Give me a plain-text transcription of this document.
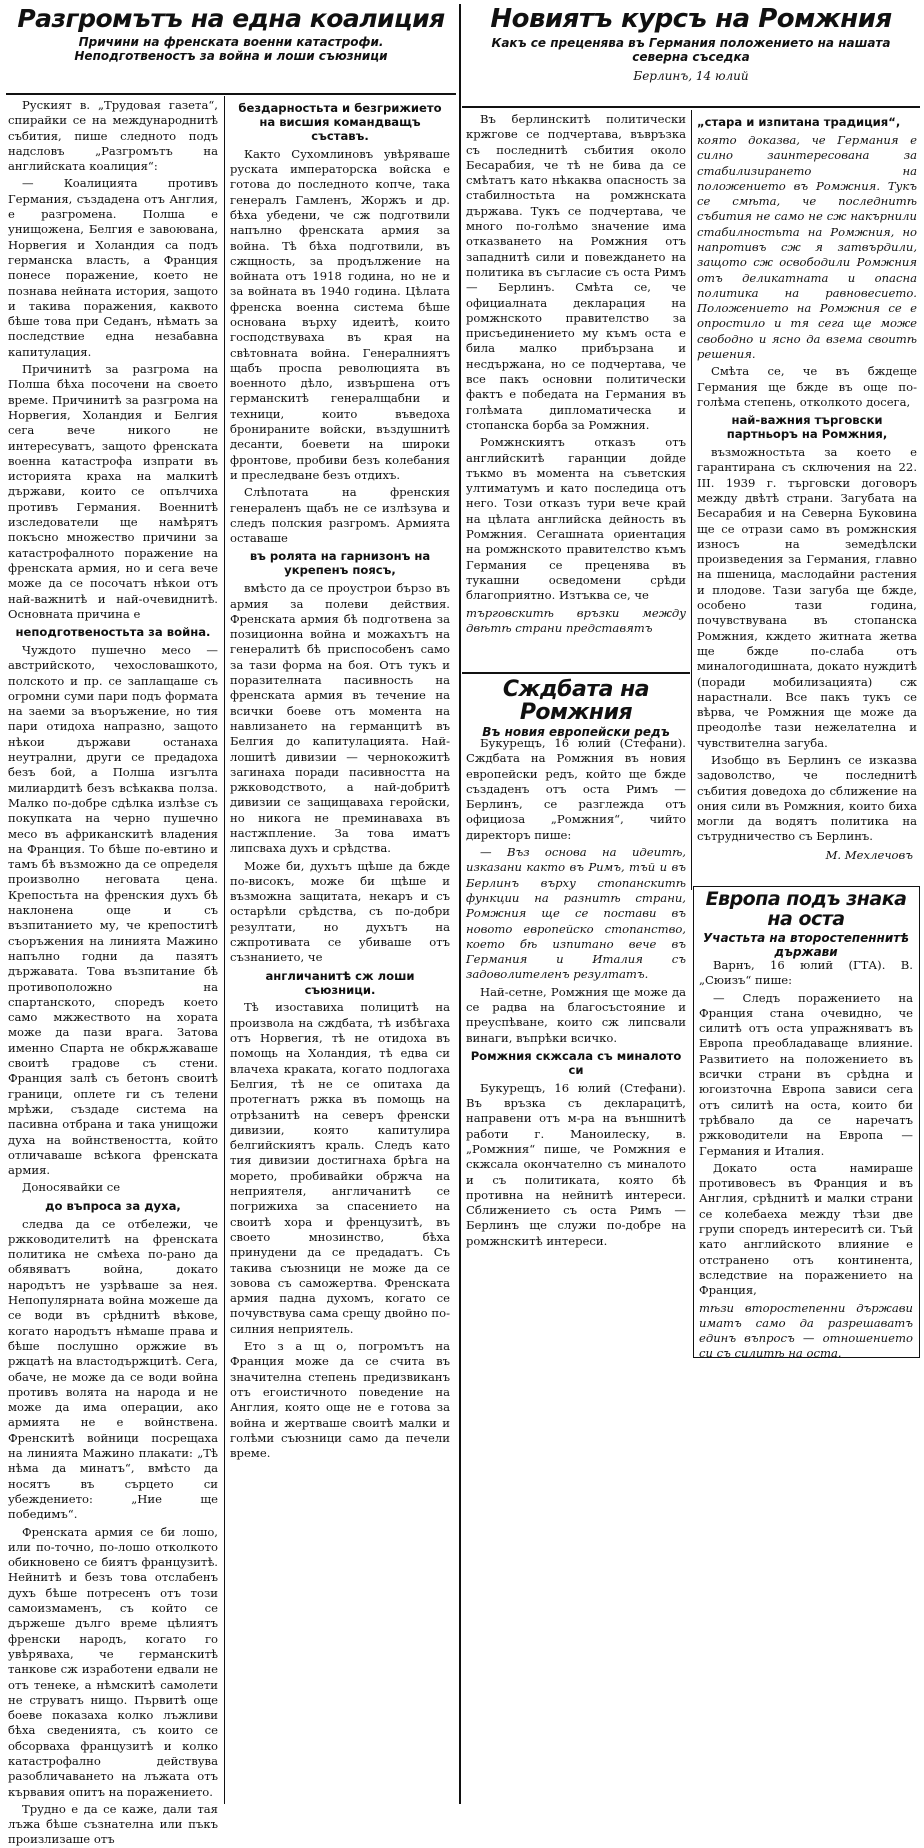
Разгромътъ на една коалиция
Причини на френската военни катастрофи. Неподготвеностъ за война и лоши съюзници

Руският в. „Трудовая газета“, спирайки се на международнитѣ събития, пише следното подъ надсловъ „Разгромътъ на английската коалиция“:

— Коалицията противъ Германия, създадена отъ Англия, е разгромена. Полша е унищожена, Белгия е завоювана, Норвегия и Холандия са подъ германска власть, а Франция понесе поражение, което не познава нейната история, защото и такива поражения, каквото бѣше това при Седанъ, нѣмать за последствие една незабавна капитулация.

Причинитѣ за разгрома на Полша бѣха посочени на своето време. Причинитѣ за разгрома на Норвегия, Холандия и Белгия сега вече никого не интересуватъ, защото френската военна катастрофа изпрати въ историята краха на малкитѣ държави, които се опълчиха противъ Германия. Военнитѣ изследователи ще намѣрятъ покъсно множество причини за катастрофалното поражение на френската армия, но и сега вече може да се посочатъ нѣкои отъ най-важнитѣ и най-очевиднитѣ. Основната причина е

неподготвеностьта за война.

Чуждото пушечно месо — австрийското, чехословашкото, полското и пр. се заплащаше съ огромни суми пари подъ формата на заеми за въоръжение, но тия пари отидоха напразно, защото нѣкои държави останаха неутрални, други се предадоха безъ бой, а Полша изгълта милиардитѣ безъ всѣкаква полза. Малко по-добре сдѣлка излѣзе съ покупката на черно пушечно месо въ африканскитѣ владения на Франция. То бѣше по-евтино и тамъ бѣ възможно да се определя произволно неговата цена. Крепостьта на френския духъ бѣ наклонена още и съ възпитанието му, че крепоститѣ съоръжения на линията Мажино напълно годни да пазятъ държавата. Това възпитание бѣ противоположно на спартанското, споредъ което само мжжеството на хората може да пази врага. Затова именно Спарта не обкрѫжаваше своитѣ градове съ стени. Франция залѣ съ бетонъ своитѣ граници, оплете ги съ телени мрѣжи, създаде система на пасивна отбрана и така унищожи духа на войнствеността, който отличаваше всѣкога френската армия.

Доносявайки се

до въпроса за духа,

следва да се отбележи, че ржководителитѣ на френската политика не смѣеха по-рано да обявяватъ война, докато народътъ не узрѣваше за нея. Непопулярната война можеше да се води въ срѣднитѣ вѣкове, когато народътъ нѣмаше права и бѣше послушно оржжие въ ржцатѣ на властодържцитѣ. Сега, обаче, не може да се води война противъ волята на народа и не може да има операции, ако армията не е войнствена. Френскитѣ войници посрещаха на линията Мажино плакати: „Тѣ нѣма да минатъ“, вмѣсто да носятъ въ сърцето си убеждението: „Ние ще победимъ“.

Френската армия се би лошо, или по-точно, по-лошо отколкото обикновено се биятъ французитѣ. Нейнитѣ и безъ това отслабенъ духъ бѣше потресенъ отъ този самоизмаменъ, съ който се държеше дълго време цѣлиятъ френски народъ, когато го увѣряваха, че германскитѣ танкове сж изработени едвали не отъ тенеке, а нѣмскитѣ самолети не струватъ нищо. Първитѣ още боеве показаха колко лъжливи бѣха сведенията, съ които се обсорваха французитѣ и колко катастрофално действува разобличаването на лъжата отъ кървавия опитъ на поражението.

Трудно е да се каже, дали тая лъжа бѣше съзнателна или пъкъ произлизаше отъ

бездарностьта и безгрижието на висшия командващъ съставъ.

Както Сухомлиновъ увѣряваше руската императорска войска е готова до последното копче, така генералъ Гамленъ, Жоржъ и др. бѣха убедени, че сж подготвили напълно френската армия за война. Тѣ бѣха подготвили, въ сжщность, за продължение на войната отъ 1918 година, но не и за войната въ 1940 година. Цѣлата френска военна система бѣше основана върху идеитѣ, които господствуваха въ края на свѣтовната война. Генералниятъ щабъ проспа революцията въ военното дѣло, извършена отъ германскитѣ генералщабни и техници, които въведоха бронираните войски, въздушнитѣ десанти, боевети на широки фронтове, пробиви безъ колебания и преследване безъ отдихъ.

Слѣпотата на френския генераленъ щабъ не се излѣзува и следъ полския разгромъ. Армията оставаше

въ ролята на гарнизонъ на укрепенъ поясъ,

вмѣсто да се проустрои бързо въ армия за полеви действия. Френската армия бѣ подготвена за позиционна война и можахътъ на генералитѣ бѣ приспособенъ само за тази форма на боя. Отъ тукъ и поразителната пасивность на френската армия въ течение на всички боеве отъ момента на навлизането на германцитѣ въ Белгия до капитулацията. Най-лошитѣ дивизии — чернокожитѣ загинаха поради пасивността на ржководството, а най-добритѣ дивизии се защищаваха геройски, но никога не преминаваха въ настжпление. За това иматъ липсваха духъ и срѣдства.

Може би, духътъ щѣше да бжде по-високъ, може би щѣше и възможна защитата, некаръ и съ остарѣли срѣдства, съ по-добри резултати, но духътъ на сжпротивата се убиваше отъ съзнанието, че

англичанитѣ сж лоши съюзници.

Тѣ изоставиха полицитѣ на произвола на сждбата, тѣ избѣгаха отъ Норвегия, тѣ не отидоха въ помощь на Холандия, тѣ едва си влачеха краката, когато подлогаха Белгия, тѣ не се опитаха да протегнатъ ржка въ помощь на отрѣзанитѣ на северъ френски дивизии, която капитулира белгийскиятъ краль. Следъ като тия дивизии достигнаха брѣга на морето, пробивайки обржча на неприятеля, англичанитѣ се погрижиха за спасението на своитѣ хора и френцузитѣ, въ своето мнозинство, бѣха принудени да се предадатъ. Съ такива съюзници не може да се зовова съ саможертва. Френската армия падна духомъ, когато се почувствува сама срещу двойно по-силния неприятель.

Ето з а щ о, погромътъ на Франция може да се счита въ значителна степень предизвиканъ отъ егоистичното поведение на Англия, която още не е готова за война и жертваше своитѣ малки и голѣми съюзници само да печели време.

Новиятъ курсъ на Ромжния
Какъ се преценява въ Германия положението на нашата северна съседка
Берлинъ, 14 юлий

Въ берлинскитѣ политически кржгове се подчертава, въвръзка съ последнитѣ събития около Бесарабия, че тѣ не бива да се смѣтатъ като нѣкаква опасность за стабилностьта на ромжнската държава. Тукъ се подчертава, че много по-голѣмо значение има отказването на Ромжния отъ западнитѣ сили и повеждането на политика въ съгласие съ оста Римъ — Берлинъ. Смѣта се, че официалната декларация на ромжнското правителство за присъединението му къмъ оста е била малко прибързана и несдържана, но се подчертава, че все пакъ основни политически фактъ е победата на Германия въ голѣмата дипломатическа и стопанска борба за Ромжния.

Ромжнскиятъ отказъ отъ английскитѣ гаранции дойде тъкмо въ момента на съветския ултиматумъ и като последица отъ него. Този отказъ тури вече край на цѣлата английска дейность въ Ромжния. Сегашната ориентация на ромжнското правителство къмъ Германия се преценява въ тукашни осведомени срѣди благоприятно. Изтъква се, че

търговскитѣ връзки между двѣтѣ страни представятъ

„стара и изпитана традиция“,

която доказва, че Германия е силно заинтересована за стабилизирането на положението въ Ромжния. Тукъ се смѣта, че последнитѣ събития не само не сж накърнили стабилностьта на Ромжния, но напротивъ сж я затвърдили, защото сж освободили Ромжния отъ деликатната и опасна политика на равновесието. Положението на Ромжния се е опростило и тя сега ще може свободно и ясно да взема своитѣ решения.

Смѣта се, че въ бждеще Германия ще бжде въ още по-голѣма степень, отколкото досега,

най-важния търговски партньоръ на Ромжния,

възможностьта за което е гарантирана съ сключения на 22. III. 1939 г. търговски договоръ между двѣтѣ страни. Загубата на Бесарабия и на Северна Буковина ще се отрази само въ ромжнския износъ на земедѣлски произведения за Германия, главно на пшеница, маслодайни растения и плодове. Тази загуба ще бжде, особено тази година, почувствувана въ стопанска Ромжния, кждето житната жетва ще бжде по-слаба отъ миналогодишната, докато нуждитѣ (поради мобилизацията) сж нарастнали. Все пакъ тукъ се вѣрва, че Ромжния ще може да преодолѣе тази нежелателна и чувствителна загуба.

Изобщо въ Берлинъ се изказва задоволство, че последнитѣ събития доведоха до сближение на ония сили въ Ромжния, които биха могли да водятъ политика на сътрудничество съ Берлинъ.

М. Мехлечовъ
Сждбата на Ромжния
Въ новия европейски редъ

Букурещъ, 16 юлий (Стефани). Сждбата на Ромжния въ новия европейски редъ, който ще бжде създаденъ отъ оста Римъ — Берлинъ, се разглежда отъ официоза „Ромжния“, чийто директоръ пише:

— Въз основа на идеитѣ, изказани както въ Римъ, тъй и въ Берлинъ върху стопанскитѣ функции на разнитѣ страни, Ромжния ще се постави въ новото европейско стопанство, което бѣ изпитано вече въ Германия и Италия съ задоволителенъ резултатъ.

Най-сетне, Ромжния ще може да се радва на благосъстояние и преуспѣване, които сж липсвали винаги, въпрѣки всичко.

Ромжния скжсала съ миналото си

Букурещъ, 16 юлий (Стефани). Въ връзка съ декларацитѣ, направени отъ м-ра на външнитѣ работи г. Маноилеску, в. „Ромжния“ пише, че Ромжния е скжсала окончателно съ миналото и съ политиката, която бѣ противна на нейнитѣ интереси. Сближението съ оста Римъ — Берлинъ ще служи по-добре на ромжнскитѣ интереси.

Европа подъ знака на оста
Участьта на второстепеннитѣ държави

Варнъ, 16 юлий (ГТА). В. „Сюизъ“ пише:

— Следъ поражението на Франция стана очевидно, че силитѣ отъ оста упражняватъ въ Европа преобладаваще влияние. Развитието на положението въ всички страни въ срѣдна и югоизточна Европа зависи сега отъ силитѣ на оста, които би трѣбвало да се наречатъ ржководители на Европа — Германия и Италия.

Докато оста намираше противовесъ въ Франция и въ Англия, срѣднитѣ и малки страни се колебаеха между тѣзи две групи споредъ интереситѣ си. Тъй като английското влияние е отстранено отъ континента, вследствие на поражението на Франция,

тѣзи второстепенни държави иматъ само да разрешаватъ единъ въпросъ — отношението си съ силитѣ на оста.
